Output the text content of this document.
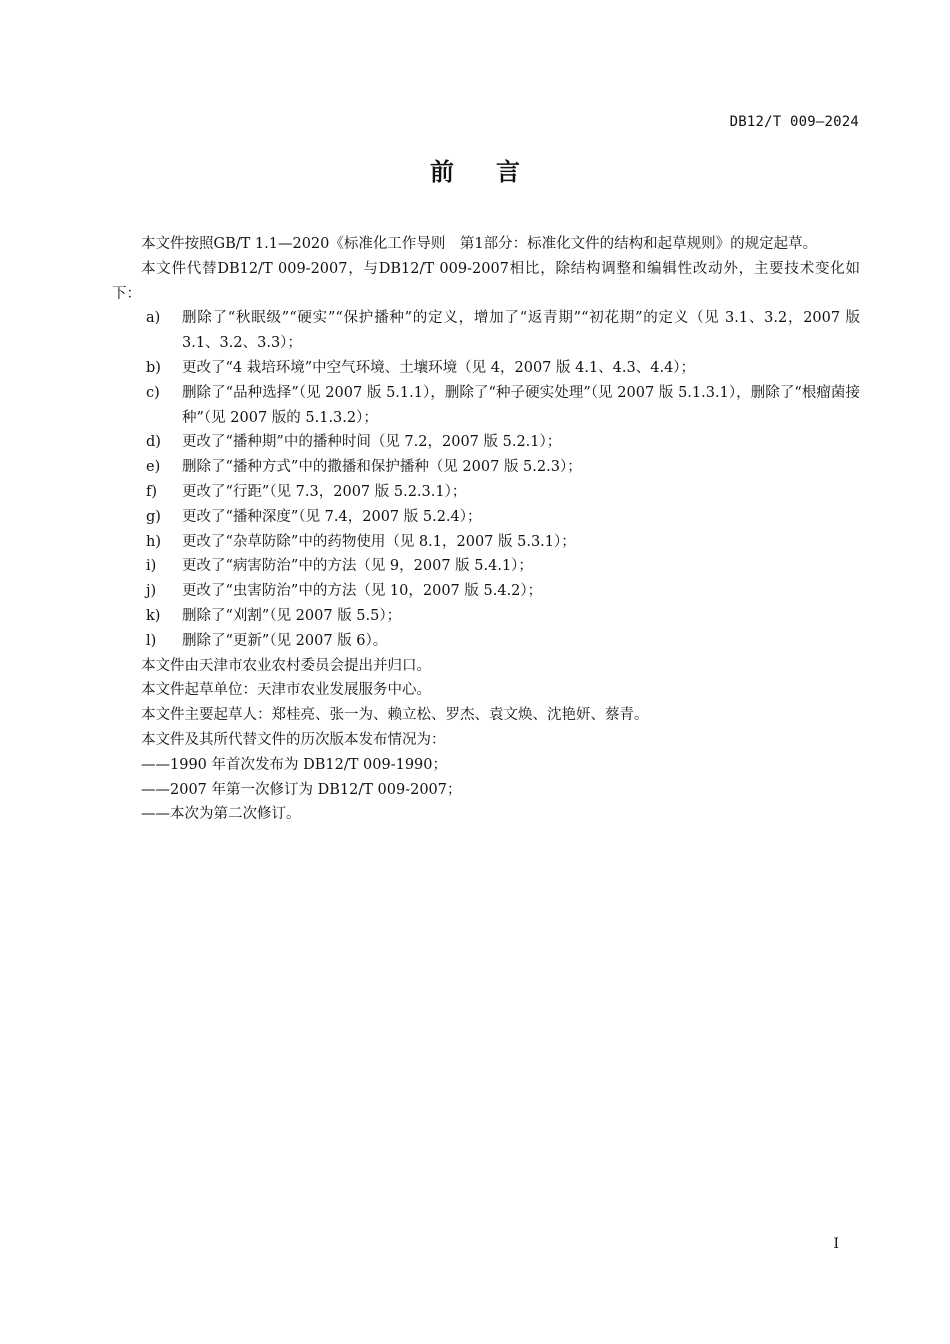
DB12/T 009—2024
前言

本文件按照GB/T 1.1—2020《标准化工作导则　第1部分：标准化文件的结构和起草规则》的规定起草。

本文件代替DB12/T 009-2007，与DB12/T 009-2007相比，除结构调整和编辑性改动外，主要技术变化如下：

a) 删除了“秋眠级”“硬实”“保护播种”的定义，增加了“返青期”“初花期”的定义（见 3.1、3.2，2007 版 3.1、3.2、3.3）；
b) 更改了“4 栽培环境”中空气环境、土壤环境（见 4，2007 版 4.1、4.3、4.4）；
c) 删除了“品种选择”（见 2007 版 5.1.1），删除了“种子硬实处理”（见 2007 版 5.1.3.1），删除了“根瘤菌接种”（见 2007 版的 5.1.3.2）；
d) 更改了“播种期”中的播种时间（见 7.2，2007 版 5.2.1）；
e) 删除了“播种方式”中的撒播和保护播种（见 2007 版 5.2.3）；
f) 更改了“行距”（见 7.3，2007 版 5.2.3.1）；
g) 更改了“播种深度”（见 7.4，2007 版 5.2.4）；
h) 更改了“杂草防除”中的药物使用（见 8.1，2007 版 5.3.1）；
i) 更改了“病害防治”中的方法（见 9，2007 版 5.4.1）；
j) 更改了“虫害防治”中的方法（见 10，2007 版 5.4.2）；
k) 删除了“刈割”（见 2007 版 5.5）；
l) 删除了“更新”（见 2007 版 6）。

本文件由天津市农业农村委员会提出并归口。

本文件起草单位：天津市农业发展服务中心。

本文件主要起草人：郑桂亮、张一为、赖立松、罗杰、袁文焕、沈艳妍、蔡青。

本文件及其所代替文件的历次版本发布情况为：

——1990 年首次发布为 DB12/T 009-1990；

——2007 年第一次修订为 DB12/T 009-2007；

——本次为第二次修订。

I
